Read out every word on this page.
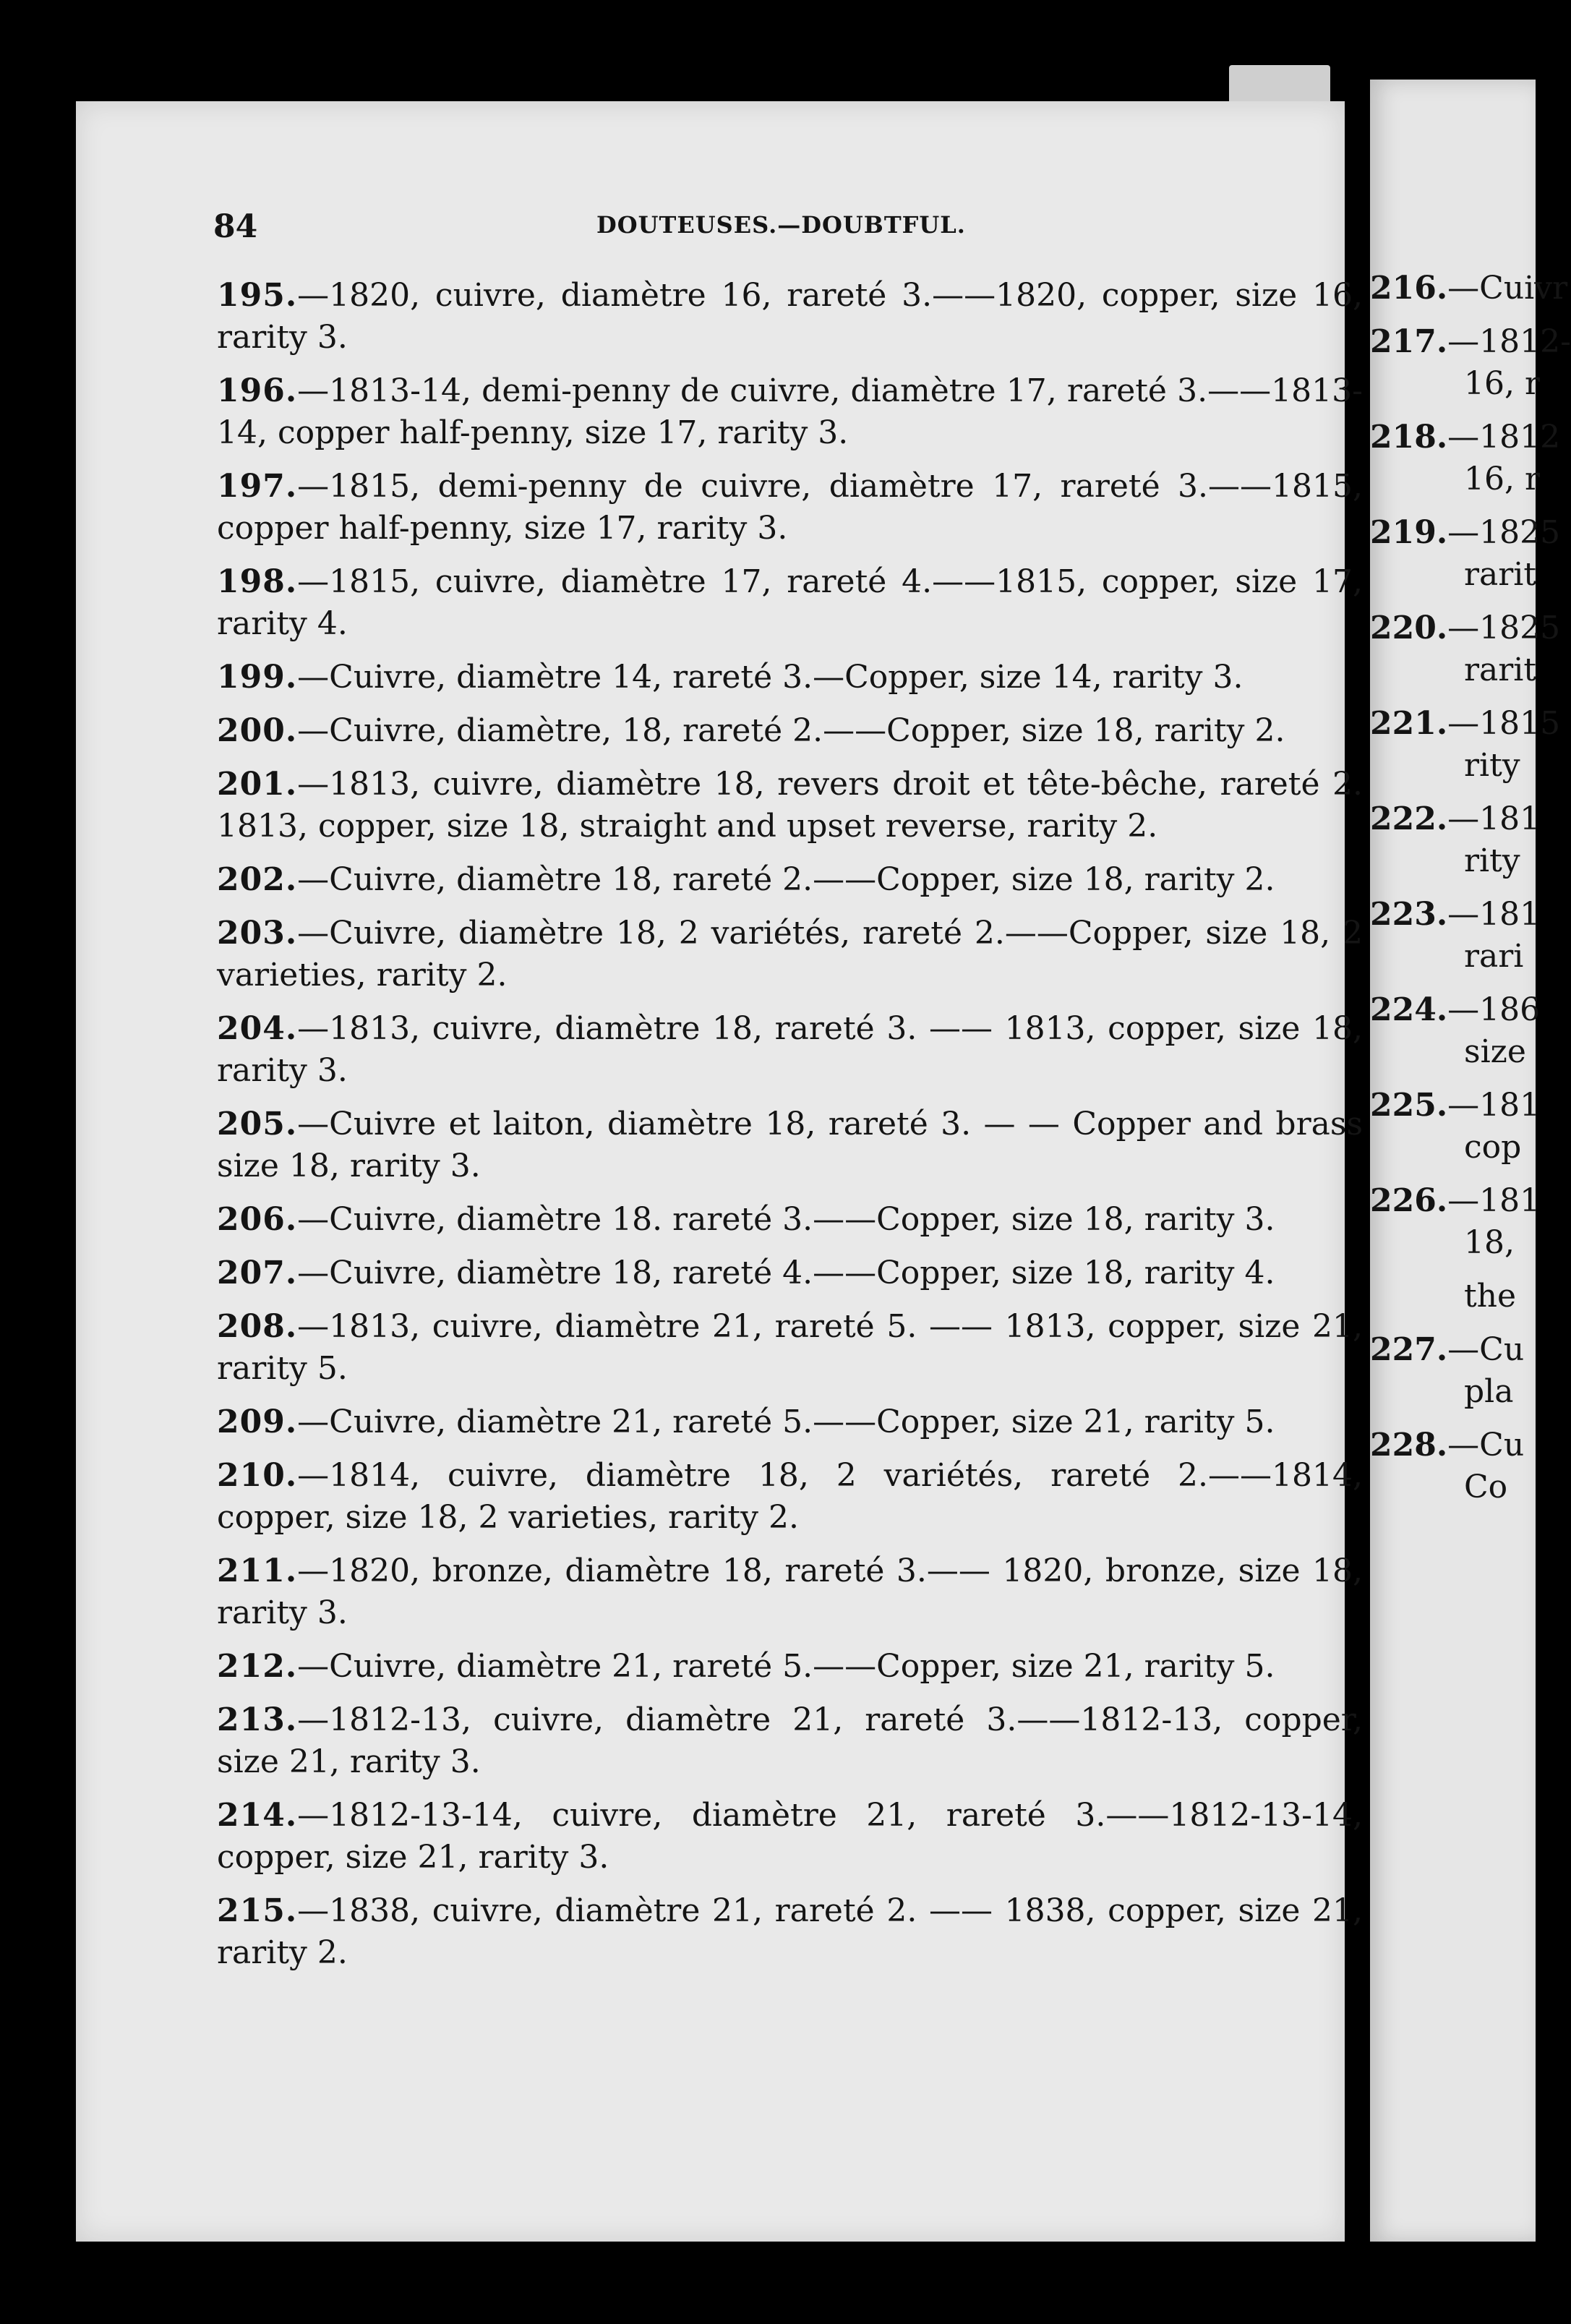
84	DOUTEUSES.—DOUBTFUL.
195.—1820, cuivre, diamètre 16, rareté 3.——1820, copper, size 16, rarity 3.
196.—1813-14, demi-penny de cuivre, diamètre 17, rareté 3.——1813-14, copper half-penny, size 17, rarity 3.
197.—1815, demi-penny de cuivre, diamètre 17, rareté 3.——1815, copper half-penny, size 17, rarity 3.
198.—1815, cuivre, diamètre 17, rareté 4.——1815, copper, size 17, rarity 4.
199.—Cuivre, diamètre 14, rareté 3.—Copper, size 14, rarity 3.
200.—Cuivre, diamètre, 18, rareté 2.——Copper, size 18, rarity 2.
201.—1813, cuivre, diamètre 18, revers droit et tête-bêche, rareté 2. 1813, copper, size 18, straight and upset reverse, rarity 2.
202.—Cuivre, diamètre 18, rareté 2.——Copper, size 18, rarity 2.
203.—Cuivre, diamètre 18, 2 variétés, rareté 2.——Copper, size 18, 2 varieties, rarity 2.
204.—1813, cuivre, diamètre 18, rareté 3. —— 1813, copper, size 18, rarity 3.
205.—Cuivre et laiton, diamètre 18, rareté 3. — — Copper and brass size 18, rarity 3.
206.—Cuivre, diamètre 18. rareté 3.——Copper, size 18, rarity 3.
207.—Cuivre, diamètre 18, rareté 4.——Copper, size 18, rarity 4.
208.—1813, cuivre, diamètre 21, rareté 5. —— 1813, copper, size 21, rarity 5.
209.—Cuivre, diamètre 21, rareté 5.——Copper, size 21, rarity 5.
210.—1814, cuivre, diamètre 18, 2 variétés, rareté 2.——1814, copper, size 18, 2 varieties, rarity 2.
211.—1820, bronze, diamètre 18, rareté 3.—— 1820, bronze, size 18, rarity 3.
212.—Cuivre, diamètre 21, rareté 5.——Copper, size 21, rarity 5.
213.—1812-13, cuivre, diamètre 21, rareté 3.——1812-13, copper, size 21, rarity 3.
214.—1812-13-14, cuivre, diamètre 21, rareté 3.——1812-13-14, copper, size 21, rarity 3.
215.—1838, cuivre, diamètre 21, rareté 2. —— 1838, copper, size 21, rarity 2.
216.—Cuivr
217.—1812-
16, r
218.—1812
16, r
219.—1825
rarit
220.—1825
rarit
221.—1815
rity
222.—181
rity
223.—181
rari
224.—186
size
225.—181
cop
226.—181
18,
the
227.—Cu
pla
228.—Cu
Co
